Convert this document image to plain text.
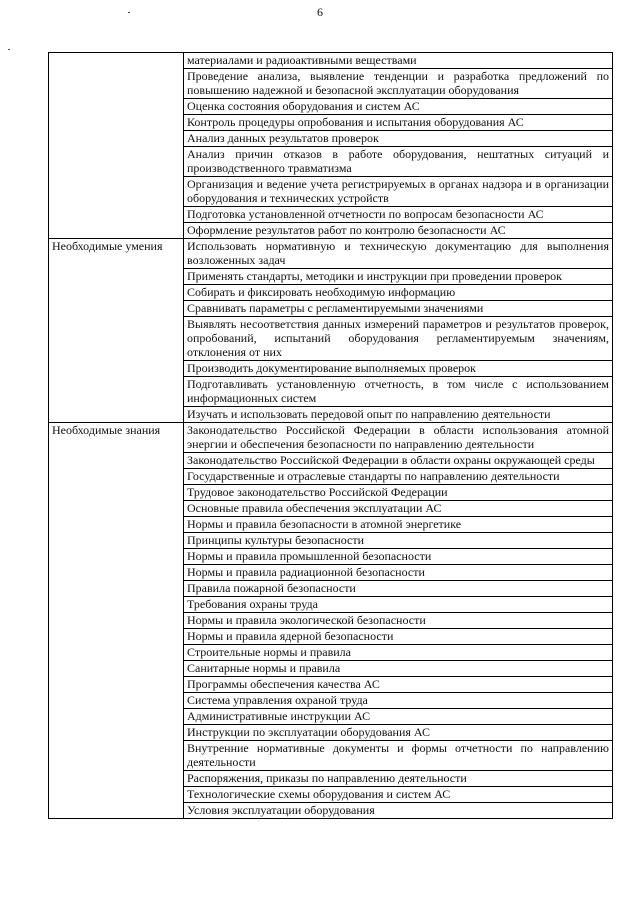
6
	материалами и радиоактивными веществами
	Проведение анализа, выявление тенденции и разработка предложений по повышению надежной и безопасной эксплуатации оборудования
	Оценка состояния оборудования и систем АС
	Контроль процедуры опробования и испытания оборудования АС
	Анализ данных результатов проверок
	Анализ причин отказов в работе оборудования, нештатных ситуаций и производственного травматизма
	Организация и ведение учета регистрируемых в органах надзора и в организации оборудования и технических устройств
	Подготовка установленной отчетности по вопросам безопасности АС
	Оформление результатов работ по контролю безопасности АС
Необходимые умения	Использовать нормативную и техническую документацию для выполнения возложенных задач
	Применять стандарты, методики и инструкции при проведении проверок
	Собирать и фиксировать необходимую информацию
	Сравнивать параметры с регламентируемыми значениями
	Выявлять несоответствия данных измерений параметров и результатов проверок, опробований, испытаний оборудования регламентируемым значениям, отклонения от них
	Производить документирование выполняемых проверок
	Подготавливать установленную отчетность, в том числе с использованием информационных систем
	Изучать и использовать передовой опыт по направлению деятельности
Необходимые знания	Законодательство Российской Федерации в области использования атомной энергии и обеспечения безопасности по направлению деятельности
	Законодательство Российской Федерации в области охраны окружающей среды
	Государственные и отраслевые стандарты по направлению деятельности
	Трудовое законодательство Российской Федерации
	Основные правила обеспечения эксплуатации АС
	Нормы и правила безопасности в атомной энергетике
	Принципы культуры безопасности
	Нормы и правила промышленной безопасности
	Нормы и правила радиационной безопасности
	Правила пожарной безопасности
	Требования охраны труда
	Нормы и правила экологической безопасности
	Нормы и правила ядерной безопасности
	Строительные нормы и правила
	Санитарные нормы и правила
	Программы обеспечения качества АС
	Система управления охраной труда
	Административные инструкции АС
	Инструкции по эксплуатации оборудования АС
	Внутренние нормативные документы и формы отчетности по направлению деятельности
	Распоряжения, приказы по направлению деятельности
	Технологические схемы оборудования и систем АС
	Условия эксплуатации оборудования
